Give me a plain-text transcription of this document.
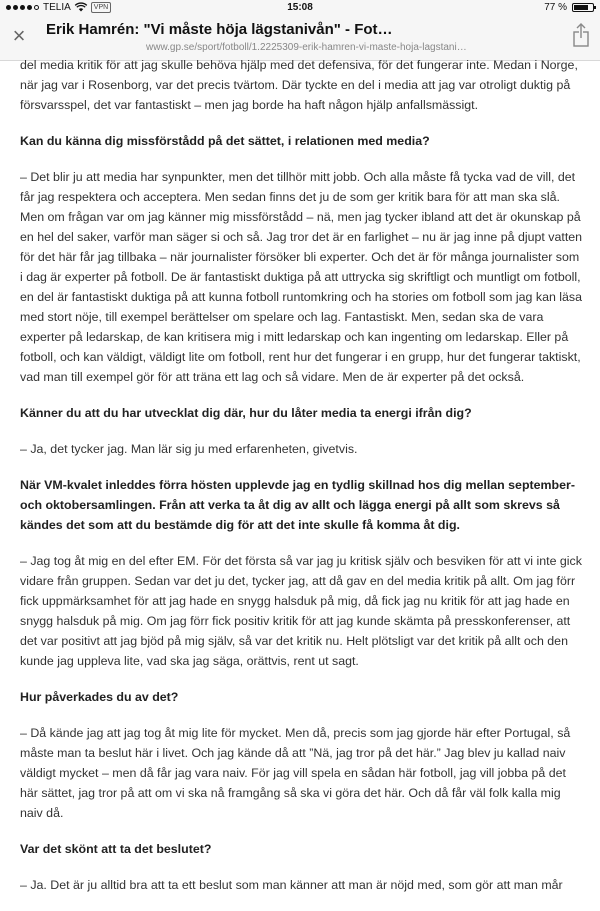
TELIA	VPN	15:08	77 %
×	Erik Hamrén: "Vi måste höja lägstanivån" - Fot…
www.gp.se/sport/fotboll/1.2225309-erik-hamren-vi-maste-hoja-lagstani…

del media kritik för att jag skulle behöva hjälp med det defensiva, för det fungerar inte. Medan i Norge, när jag var i Rosenborg, var det precis tvärtom. Där tyckte en del i media att jag var otroligt duktig på försvarsspel, det var fantastiskt – men jag borde ha haft någon hjälp anfallsmässigt.

Kan du känna dig missförstådd på det sättet, i relationen med media?

– Det blir ju att media har synpunkter, men det tillhör mitt jobb. Och alla måste få tycka vad de vill, det får jag respektera och acceptera. Men sedan finns det ju de som ger kritik bara för att man ska slå. Men om frågan var om jag känner mig missförstådd – nä, men jag tycker ibland att det är okunskap på en hel del saker, varför man säger si och så. Jag tror det är en farlighet – nu är jag inne på djupt vatten för det här får jag tillbaka – när journalister försöker bli experter. Och det är för många journalister som i dag är experter på fotboll. De är fantastiskt duktiga på att uttrycka sig skriftligt och muntligt om fotboll, en del är fantastiskt duktiga på att kunna fotboll runtomkring och ha stories om fotboll som jag kan läsa med stort nöje, till exempel berättelser om spelare och lag. Fantastiskt. Men, sedan ska de vara experter på ledarskap, de kan kritisera mig i mitt ledarskap och kan ingenting om ledarskap. Eller på fotboll, och kan väldigt, väldigt lite om fotboll, rent hur det fungerar i en grupp, hur det fungerar taktiskt, vad man till exempel gör för att träna ett lag och så vidare. Men de är experter på det också.

Känner du att du har utvecklat dig där, hur du låter media ta energi ifrån dig?

– Ja, det tycker jag. Man lär sig ju med erfarenheten, givetvis.

När VM-kvalet inleddes förra hösten upplevde jag en tydlig skillnad hos dig mellan september- och oktobersamlingen. Från att verka ta åt dig av allt och lägga energi på allt som skrevs så kändes det som att du bestämde dig för att det inte skulle få komma åt dig.

– Jag tog åt mig en del efter EM. För det första så var jag ju kritisk själv och besviken för att vi inte gick vidare från gruppen. Sedan var det ju det, tycker jag, att då gav en del media kritik på allt. Om jag förr fick uppmärksamhet för att jag hade en snygg halsduk på mig, då fick jag nu kritik för att jag hade en snygg halsduk på mig. Om jag förr fick positiv kritik för att jag kunde skämta på presskonferenser, att det var positivt att jag bjöd på mig själv, så var det kritik nu. Helt plötsligt var det kritik på allt och den kunde jag uppleva lite, vad ska jag säga, orättvis, rent ut sagt.

Hur påverkades du av det?

– Då kände jag att jag tog åt mig lite för mycket. Men då, precis som jag gjorde här efter Portugal, så måste man ta beslut här i livet. Och jag kände då att ”Nä, jag tror på det här.” Jag blev ju kallad naiv väldigt mycket – men då får jag vara naiv. För jag vill spela en sådan här fotboll, jag vill jobba på det här sättet, jag tror på att om vi ska nå framgång så ska vi göra det här. Och då får väl folk kalla mig naiv då.

Var det skönt att ta det beslutet?

– Ja. Det är ju alltid bra att ta ett beslut som man känner att man är nöjd med, som gör att man mår
